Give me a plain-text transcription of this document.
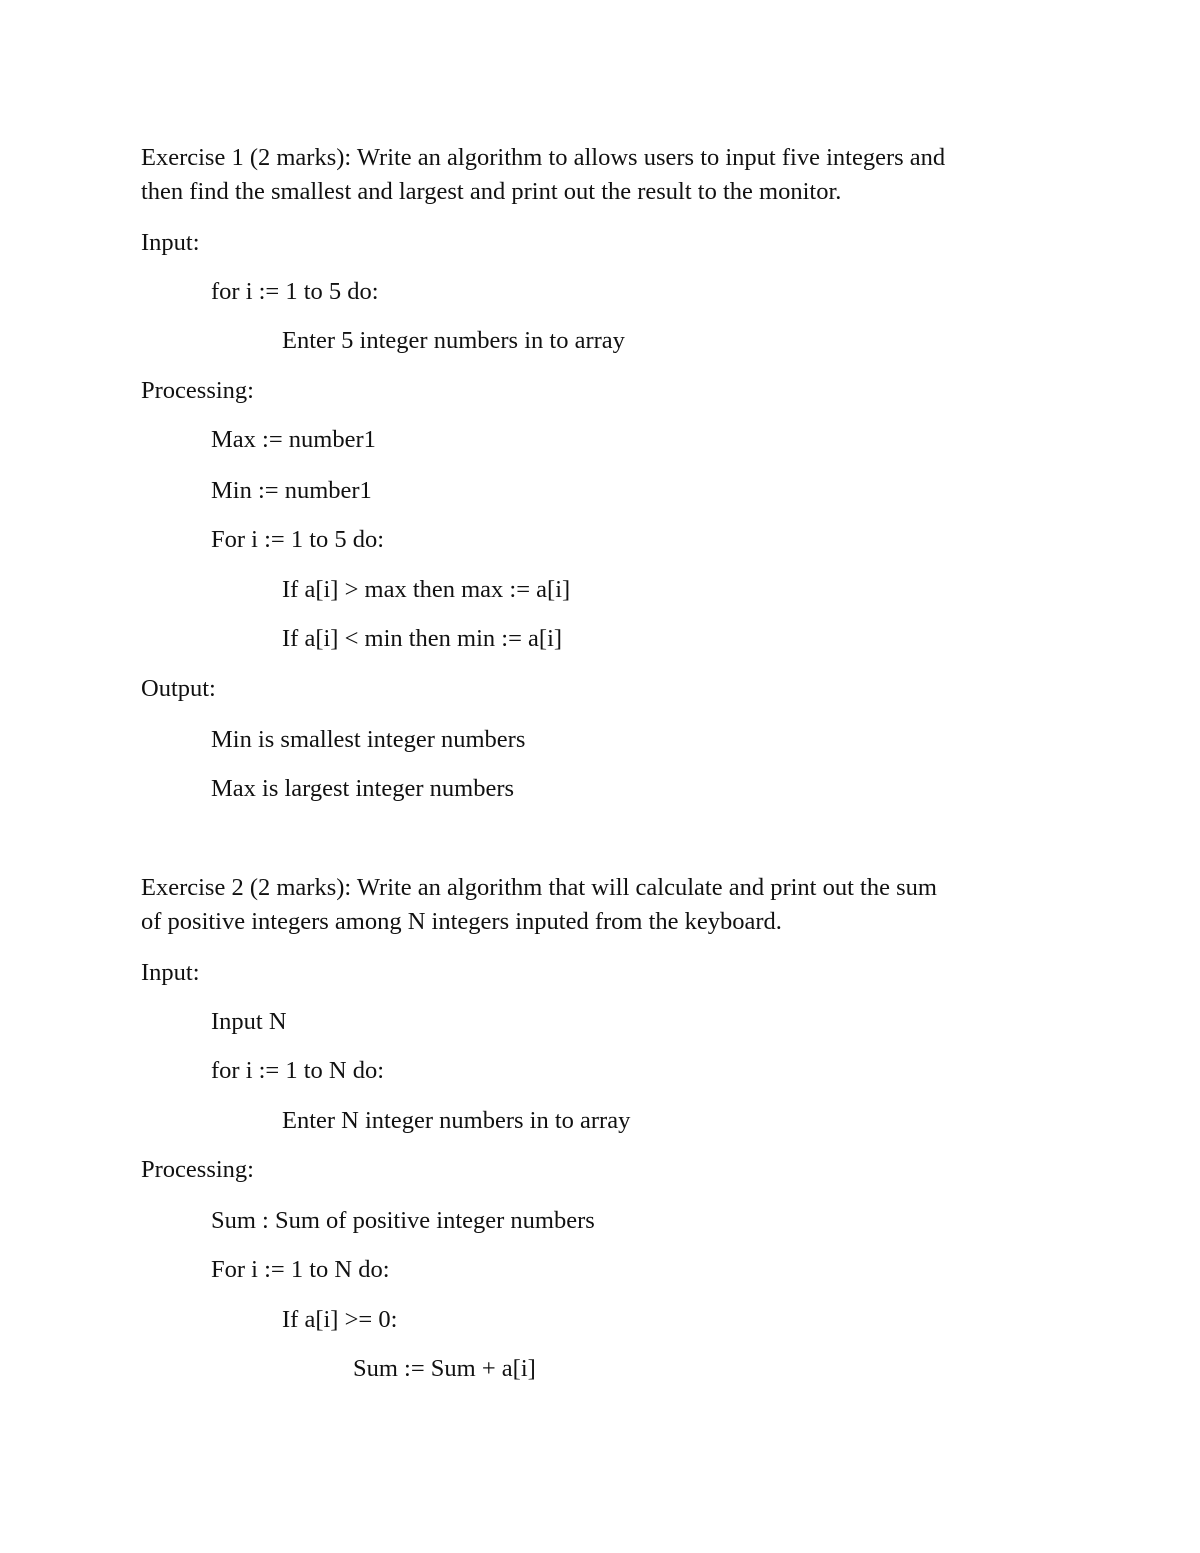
Exercise 1 (2 marks): Write an algorithm to allows users to input five integers and
then find the smallest and largest and print out the result to the monitor.
Input:
for i := 1 to 5 do:
Enter 5 integer numbers in to array
Processing:
Max := number1
Min := number1
For i := 1 to 5 do:
If a[i] > max then max := a[i]
If a[i] < min then min := a[i]
Output:
Min is smallest integer numbers
Max is largest integer numbers
Exercise 2 (2 marks): Write an algorithm that will calculate and print out the sum
of positive integers among N integers inputed from the keyboard.
Input:
Input N
for i := 1 to N do:
Enter N integer numbers in to array
Processing:
Sum : Sum of positive integer numbers
For i := 1 to N do:
If a[i] >= 0:
Sum := Sum + a[i]
